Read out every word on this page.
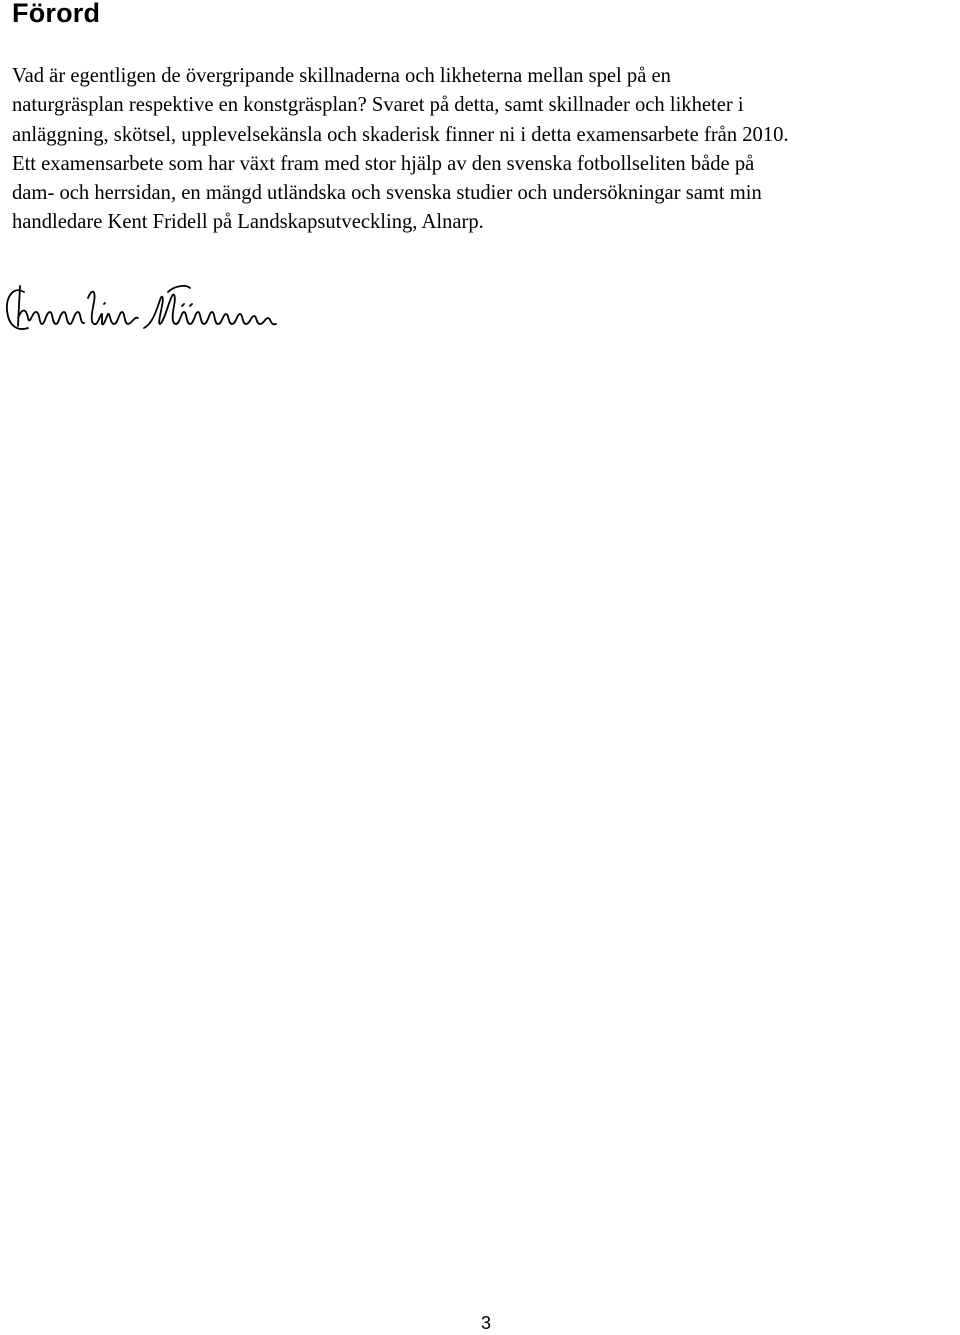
Förord

Vad är egentligen de övergripande skillnaderna och likheterna mellan spel på en
naturgräsplan respektive en konstgräsplan? Svaret på detta, samt skillnader och likheter i
anläggning, skötsel, upplevelsekänsla och skaderisk finner ni i detta examensarbete från 2010.
Ett examensarbete som har växt fram med stor hjälp av den svenska fotbollseliten både på
dam- och herrsidan, en mängd utländska och svenska studier och undersökningar samt min
handledare Kent Fridell på Landskapsutveckling, Alnarp.

3
